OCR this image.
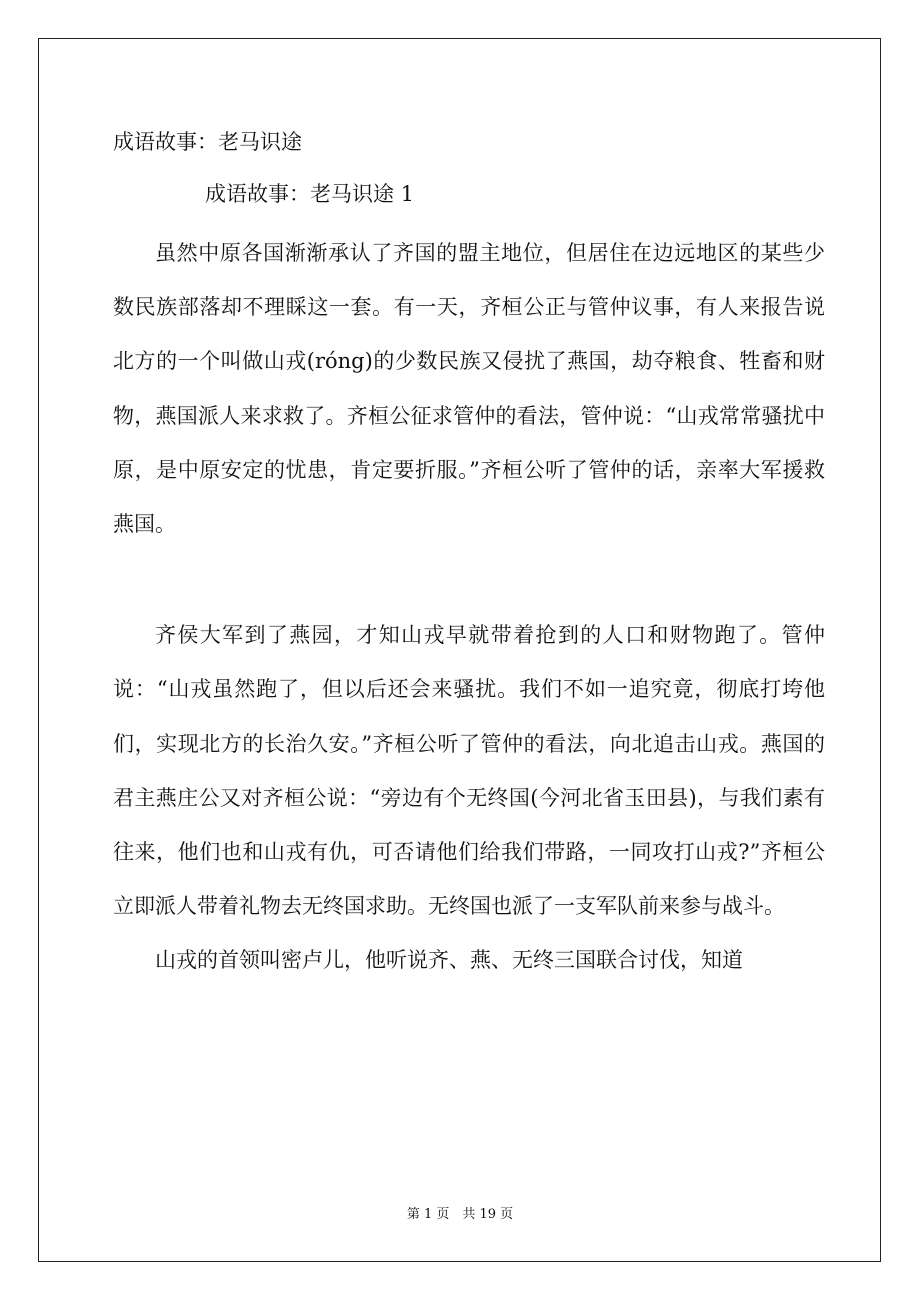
成语故事：老马识途
成语故事：老马识途 1

虽然中原各国渐渐承认了齐国的盟主地位，但居住在边远地区的某些少数民族部落却不理睬这一套。有一天，齐桓公正与管仲议事，有人来报告说北方的一个叫做山戎(róng)的少数民族又侵扰了燕国，劫夺粮食、牲畜和财物，燕国派人来求救了。齐桓公征求管仲的看法，管仲说：“山戎常常骚扰中原，是中原安定的忧患，肯定要折服。”齐桓公听了管仲的话，亲率大军援救燕国。

齐侯大军到了燕园，才知山戎早就带着抢到的人口和财物跑了。管仲说：“山戎虽然跑了，但以后还会来骚扰。我们不如一追究竟，彻底打垮他们，实现北方的长治久安。”齐桓公听了管仲的看法，向北追击山戎。燕国的君主燕庄公又对齐桓公说：“旁边有个无终国(今河北省玉田县)，与我们素有往来，他们也和山戎有仇，可否请他们给我们带路，一同攻打山戎?”齐桓公立即派人带着礼物去无终国求助。无终国也派了一支军队前来参与战斗。

山戎的首领叫密卢儿，他听说齐、燕、无终三国联合讨伐，知道

第 1 页　共 19 页
